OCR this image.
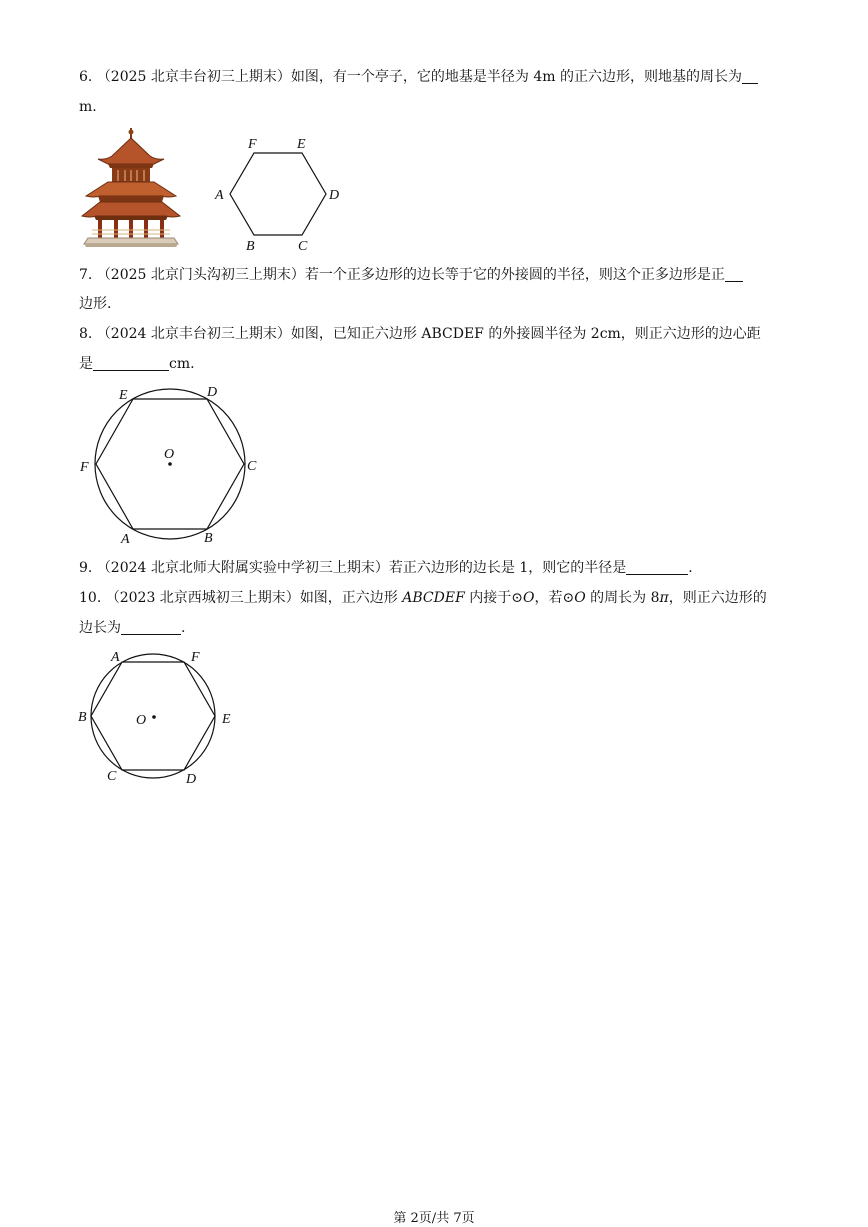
6. （2025 北京丰台初三上期末）如图，有一个亭子，它的地基是半径为 4m 的正六边形，则地基的周长为
m.
F	E
A	D
B	C
7. （2025 北京门头沟初三上期末）若一个正多边形的边长等于它的外接圆的半径，则这个正多边形是正
边形.
8. （2024 北京丰台初三上期末）如图，已知正六边形 ABCDEF 的外接圆半径为 2cm，则正六边形的边心距
是	cm.
E	D
O
F	C
A	B
9. （2024 北京北师大附属实验中学初三上期末）若正六边形的边长是 1，则它的半径是	.
10. （2023 北京西城初三上期末）如图，正六边形 ABCDEF 内接于⊙O，若⊙O 的周长为 8π，则正六边形的
边长为	.
A	F
B	O	E
C	D
第 2页/共 7页
